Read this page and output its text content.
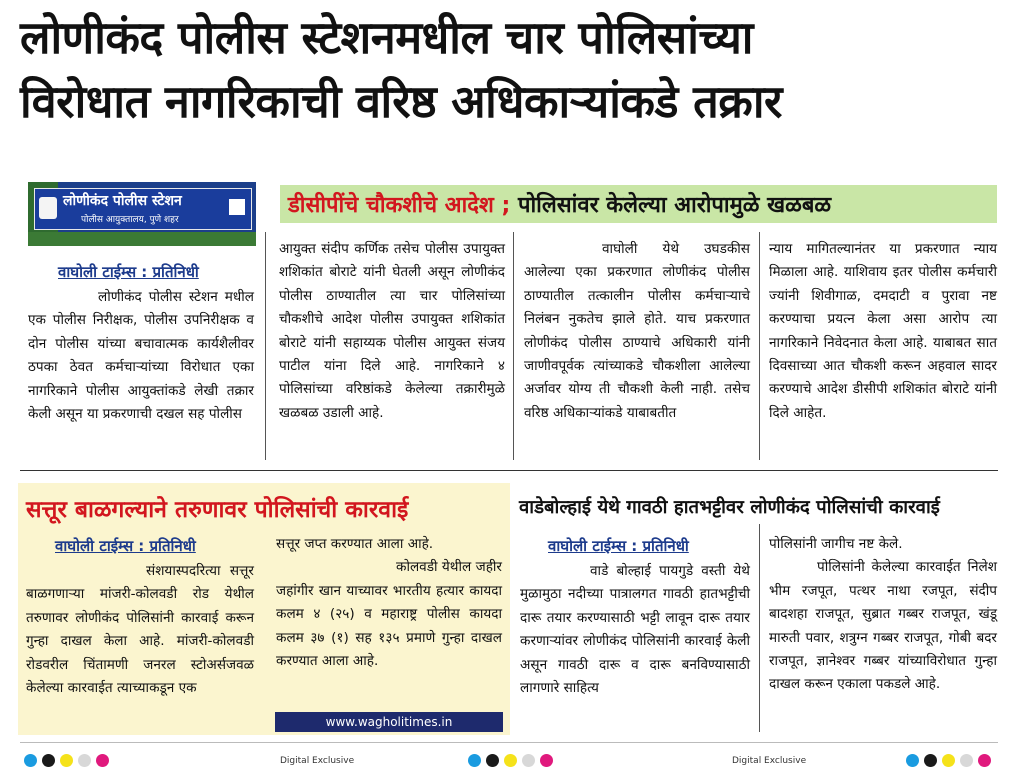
लोणीकंद पोलीस स्टेशनमधील चार पोलिसांच्या
विरोधात नागरिकाची वरिष्ठ अधिकाऱ्यांकडे तक्रार
लोणीकंद पोलीस स्टेशन
पोलीस आयुक्तालय, पुणे शहर
डीसीपींचे चौकशीचे आदेश ; पोलिसांवर केलेल्या आरोपामुळे खळबळ
वाघोली टाईम्स : प्रतिनिधी

लोणीकंद पोलीस स्टेशन मधील एक पोलीस निरीक्षक, पोलीस उपनिरीक्षक व दोन पोलीस यांच्या बचावात्मक कार्यशैलीवर ठपका ठेवत कर्मचाऱ्यांच्या विरोधात एका नागरिकाने पोलीस आयुक्तांकडे लेखी तक्रार केली असून या प्रकरणाची दखल सह पोलीस

आयुक्त संदीप कर्णिक तसेच पोलीस उपायुक्त शशिकांत बोराटे यांनी घेतली असून लोणीकंद पोलीस ठाण्यातील त्या चार पोलिसांच्या चौकशीचे आदेश पोलीस उपायुक्त शशिकांत बोराटे यांनी सहाय्यक पोलीस आयुक्त संजय पाटील यांना दिले आहे. नागरिकाने ४ पोलिसांच्या वरिष्ठांकडे केलेल्या तक्रारीमुळे खळबळ उडाली आहे.

वाघोली येथे उघडकीस आलेल्या एका प्रकरणात लोणीकंद पोलीस ठाण्यातील तत्कालीन पोलीस कर्मचाऱ्याचे निलंबन नुकतेच झाले होते. याच प्रकरणात लोणीकंद पोलीस ठाण्याचे अधिकारी यांनी जाणीवपूर्वक त्यांच्याकडे चौकशीला आलेल्या अर्जावर योग्य ती चौकशी केली नाही. तसेच वरिष्ठ अधिकाऱ्यांकडे याबाबतीत

न्याय मागितल्यानंतर या प्रकरणात न्याय मिळाला आहे. याशिवाय इतर पोलीस कर्मचारी ज्यांनी शिवीगाळ, दमदाटी व पुरावा नष्ट करण्याचा प्रयत्न केला असा आरोप त्या नागरिकाने निवेदनात केला आहे. याबाबत सात दिवसाच्या आत चौकशी करून अहवाल सादर करण्याचे आदेश डीसीपी शशिकांत बोराटे यांनी दिले आहेत.

सत्तूर बाळगल्याने तरुणावर पोलिसांची कारवाई
वाघोली टाईम्स : प्रतिनिधी

संशयास्पदरित्या सत्तूर बाळगणाऱ्या मांजरी-कोलवडी रोड येथील तरुणावर लोणीकंद पोलिसांनी कारवाई करून गुन्हा दाखल केला आहे. मांजरी-कोलवडी रोडवरील चिंतामणी जनरल स्टोअर्सजवळ केलेल्या कारवाईत त्याच्याकडून एक

सत्तूर जप्त करण्यात आला आहे.

कोलवडी येथील जहीर जहांगीर खान याच्यावर भारतीय हत्यार कायदा कलम ४ (२५) व महाराष्ट्र पोलीस कायदा कलम ३७ (१) सह १३५ प्रमाणे गुन्हा दाखल करण्यात आला आहे.

www.wagholitimes.in
वाडेबोल्हाई येथे गावठी हातभट्टीवर लोणीकंद पोलिसांची कारवाई
वाघोली टाईम्स : प्रतिनिधी

वाडे बोल्हाई पायगुडे वस्ती येथे मुळामुठा नदीच्या पात्रालगत गावठी हातभट्टीची दारू तयार करण्यासाठी भट्टी लावून दारू तयार करणाऱ्यांवर लोणीकंद पोलिसांनी कारवाई केली असून गावठी दारू व दारू बनविण्यासाठी लागणारे साहित्य

पोलिसांनी जागीच नष्ट केले.

पोलिसांनी केलेल्या कारवाईत निलेश भीम रजपूत, पत्थर नाथा रजपूत, संदीप बादशहा राजपूत, सुब्रात गब्बर राजपूत, खंडू मारुती पवार, शत्रुग्न गब्बर राजपूत, गोबी बदर राजपूत, ज्ञानेश्वर गब्बर यांच्याविरोधात गुन्हा दाखल करून एकाला पकडले आहे.

Digital Exclusive	Digital Exclusive
